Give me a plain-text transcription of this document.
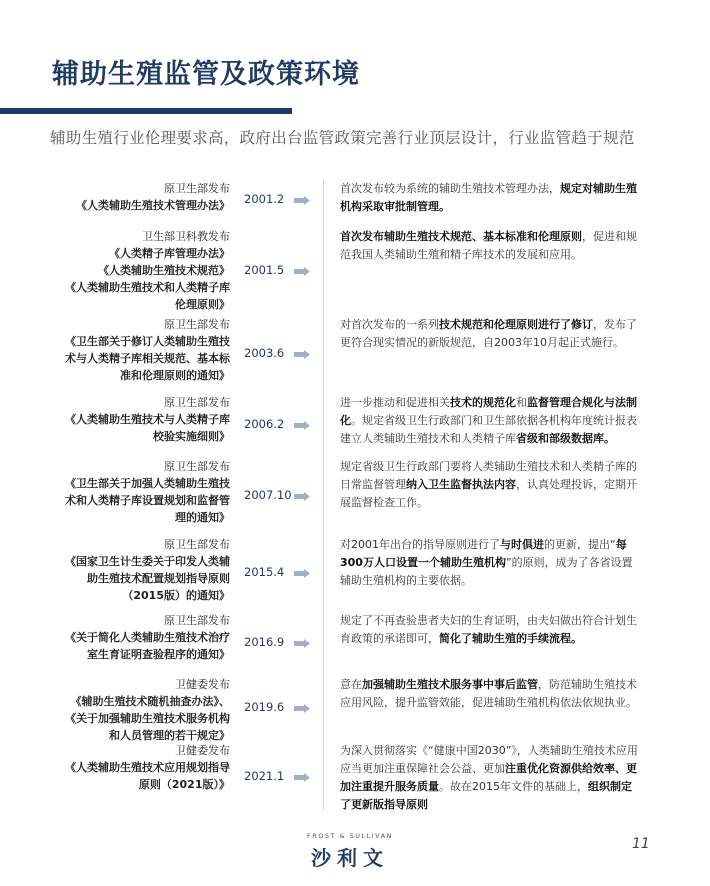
辅助生殖监管及政策环境
辅助生殖行业伦理要求高，政府出台监管政策完善行业顶层设计，行业监管趋于规范
原卫生部发布
《人类辅助生殖技术管理办法》 2001.2
首次发布较为系统的辅助生殖技术管理办法，规定对辅助生殖机构采取审批制管理。
卫生部卫科教发布
《人类精子库管理办法》
《人类辅助生殖技术规范》
《人类辅助生殖技术和人类精子库伦理原则》
2001.5
首次发布辅助生殖技术规范、基本标准和伦理原则，促进和规范我国人类辅助生殖和精子库技术的发展和应用。
原卫生部发布
《卫生部关于修订人类辅助生殖技术与人类精子库相关规范、基本标准和伦理原则的通知》
2003.6
对首次发布的一系列技术规范和伦理原则进行了修订，发布了更符合现实情况的新版规范，自2003年10月起正式施行。
原卫生部发布
《人类辅助生殖技术与人类精子库校验实施细则》
2006.2
进一步推动和促进相关技术的规范化和监督管理合规化与法制化。规定省级卫生行政部门和卫生部依据各机构年度统计报表建立人类辅助生殖技术和人类精子库省级和部级数据库。
原卫生部发布
《卫生部关于加强人类辅助生殖技术和人类精子库设置规划和监督管理的通知》
2007.10
规定省级卫生行政部门要将人类辅助生殖技术和人类精子库的日常监督管理纳入卫生监督执法内容，认真处理投诉，定期开展监督检查工作。
原卫生部发布
《国家卫生计生委关于印发人类辅助生殖技术配置规划指导原则（2015版）的通知》
2015.4
对2001年出台的指导原则进行了与时俱进的更新，提出“每300万人口设置一个辅助生殖机构”的原则，成为了各省设置辅助生殖机构的主要依据。
原卫生部发布
《关于简化人类辅助生殖技术治疗室生育证明查验程序的通知》
2016.9
规定了不再查验患者夫妇的生育证明，由夫妇做出符合计划生育政策的承诺即可，简化了辅助生殖的手续流程。
卫健委发布
《辅助生殖技术随机抽查办法》、
《关于加强辅助生殖技术服务机构和人员管理的若干规定》
2019.6
意在加强辅助生殖技术服务事中事后监管，防范辅助生殖技术应用风险，提升监管效能，促进辅助生殖机构依法依规执业。
卫健委发布
《人类辅助生殖技术应用规划指导原则（2021版）》
2021.1
为深入贯彻落实《“健康中国2030”》，人类辅助生殖技术应用应当更加注重保障社会公益、更加注重优化资源供给效率、更加注重提升服务质量。故在2015年文件的基础上，组织制定了更新版指导原则
FROST & SULLIVAN
沙利文
11
